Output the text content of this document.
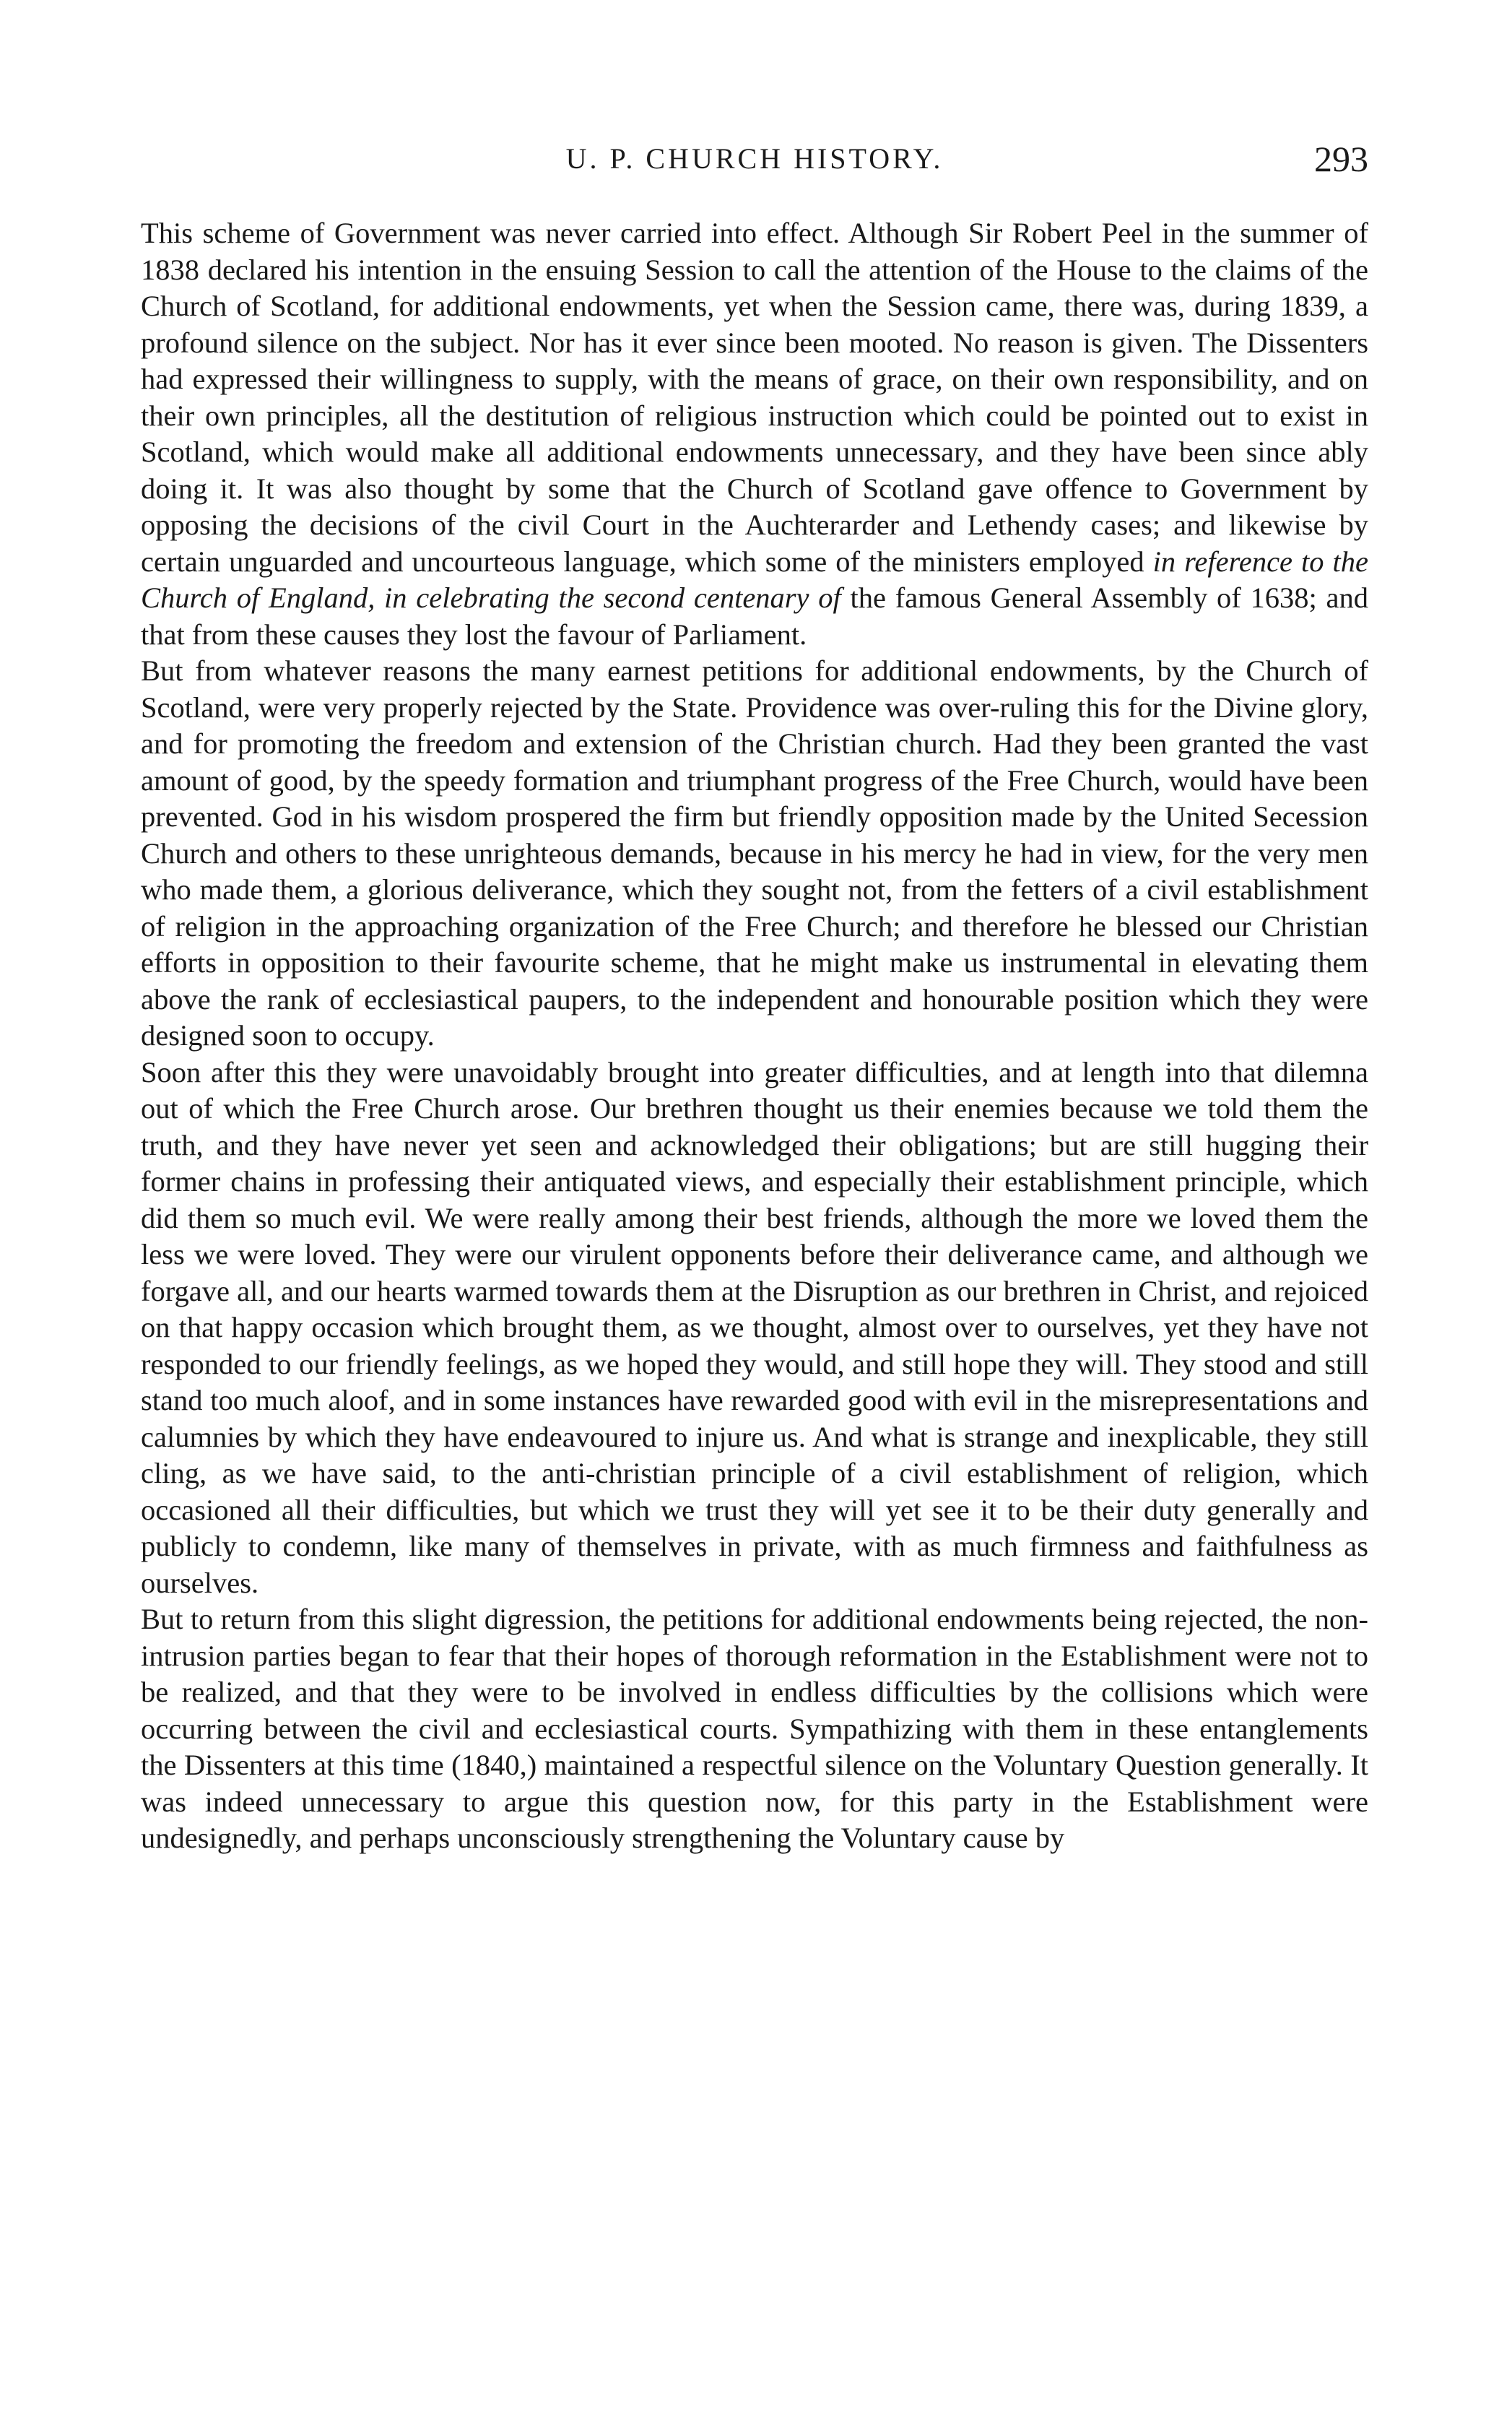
U. P. CHURCH HISTORY.	293

This scheme of Government was never carried into effect. Although Sir Robert Peel in the summer of 1838 declared his intention in the ensuing Session to call the attention of the House to the claims of the Church of Scotland, for additional endowments, yet when the Session came, there was, during 1839, a profound silence on the subject. Nor has it ever since been mooted. No reason is given. The Dissenters had expressed their willingness to supply, with the means of grace, on their own responsibility, and on their own principles, all the destitution of religious instruction which could be pointed out to exist in Scotland, which would make all additional endowments unnecessary, and they have been since ably doing it. It was also thought by some that the Church of Scotland gave offence to Government by opposing the decisions of the civil Court in the Auchterarder and Lethendy cases; and likewise by certain unguarded and uncourteous language, which some of the ministers employed in reference to the Church of England, in celebrating the second centenary of the famous General Assembly of 1638; and that from these causes they lost the favour of Parliament.

But from whatever reasons the many earnest petitions for additional endowments, by the Church of Scotland, were very properly rejected by the State. Providence was over-ruling this for the Divine glory, and for promoting the freedom and extension of the Christian church. Had they been granted the vast amount of good, by the speedy formation and triumphant progress of the Free Church, would have been prevented. God in his wisdom prospered the firm but friendly opposition made by the United Secession Church and others to these unrighteous demands, because in his mercy he had in view, for the very men who made them, a glorious deliverance, which they sought not, from the fetters of a civil establishment of religion in the approaching organization of the Free Church; and therefore he blessed our Christian efforts in opposition to their favourite scheme, that he might make us instrumental in elevating them above the rank of ecclesiastical paupers, to the independent and honourable position which they were designed soon to occupy.

Soon after this they were unavoidably brought into greater difficulties, and at length into that dilemna out of which the Free Church arose. Our brethren thought us their enemies because we told them the truth, and they have never yet seen and acknowledged their obligations; but are still hugging their former chains in professing their antiquated views, and especially their establishment principle, which did them so much evil. We were really among their best friends, although the more we loved them the less we were loved. They were our virulent opponents before their deliverance came, and although we forgave all, and our hearts warmed towards them at the Disruption as our brethren in Christ, and rejoiced on that happy occasion which brought them, as we thought, almost over to ourselves, yet they have not responded to our friendly feelings, as we hoped they would, and still hope they will. They stood and still stand too much aloof, and in some instances have rewarded good with evil in the misrepresentations and calumnies by which they have endeavoured to injure us. And what is strange and inexplicable, they still cling, as we have said, to the anti-christian principle of a civil establishment of religion, which occasioned all their difficulties, but which we trust they will yet see it to be their duty generally and publicly to condemn, like many of themselves in private, with as much firmness and faithfulness as ourselves.

But to return from this slight digression, the petitions for additional endowments being rejected, the non-intrusion parties began to fear that their hopes of thorough reformation in the Establishment were not to be realized, and that they were to be involved in endless difficulties by the collisions which were occurring between the civil and ecclesiastical courts. Sympathizing with them in these entanglements the Dissenters at this time (1840,) maintained a respectful silence on the Voluntary Question generally. It was indeed unnecessary to argue this question now, for this party in the Establishment were undesignedly, and perhaps unconsciously strengthening the Voluntary cause by
